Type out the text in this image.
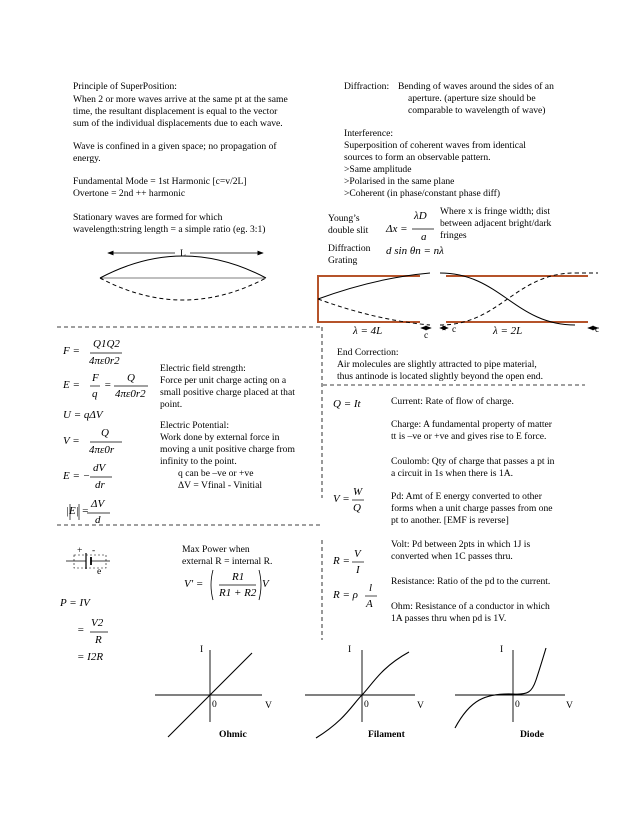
Principle of SuperPosition:
When 2 or more waves arrive at the same pt at the same
time, the resultant displacement is equal to the vector
sum of the individual displacements due to each wave.
Wave is confined in a given space; no propagation of
energy.
Fundamental Mode = 1st Harmonic [c=v/2L]
Overtone = 2nd ++ harmonic
Stationary waves are formed for which
wavelength:string length = a simple ratio (eg. 3:1)
L
Diffraction: Bending of waves around the sides of an
aperture. (aperture size should be
comparable to wavelength of wave)
Interference:
Superposition of coherent waves from identical
sources to form an observable pattern.
>Same amplitude
>Polarised in the same plane
>Coherent (in phase/constant phase diff)
Young’s
double slit Δx =
λD
a
Where x is fringe width; dist
between adjacent bright/dark
fringes
Diffraction
Grating
d sin θn = nλ
λ = 4L	λ = 2L
c
c	c
End Correction:
Air molecules are slightly attracted to pipe material,
thus antinode is located slightly beyond the open end.
F =
Q1Q2
4πε0r2
E =
F
q
=
Q
4πε0r2
U = qΔV
V =
Q
4πε0r
E = −
dV
dr
|E| =
ΔV
d
Electric field strength:
Force per unit charge acting on a
small positive charge placed at that
point.
Electric Potential:
Work done by external force in
moving a unit positive charge from
infinity to the point.
q can be –ve or +ve
ΔV = Vfinal - Vinitial
Q = It	Current: Rate of flow of charge.
Charge: A fundamental property of matter
tt is –ve or +ve and gives rise to E force.
Coulomb: Qty of charge that passes a pt in
a circuit in 1s when there is 1A.
V =
W
Q
Pd: Amt of E energy converted to other
forms when a unit charge passes from one
pt to another. [EMF is reverse]
Volt: Pd between 2pts in which 1J is
converted when 1C passes thru.
R =
V
I
Resistance: Ratio of the pd to the current.
R = ρ
l
A Ohm: Resistance of a conductor in which
1A passes thru when pd is 1V.
+ -
e
Max Power when
external R = internal R.
V′ =
R1
R1 + R2
V
P = IV
=
V2
R
= I2R
I
V
0
Ohmic
I
V
0
Filament
I
V
0
Diode
